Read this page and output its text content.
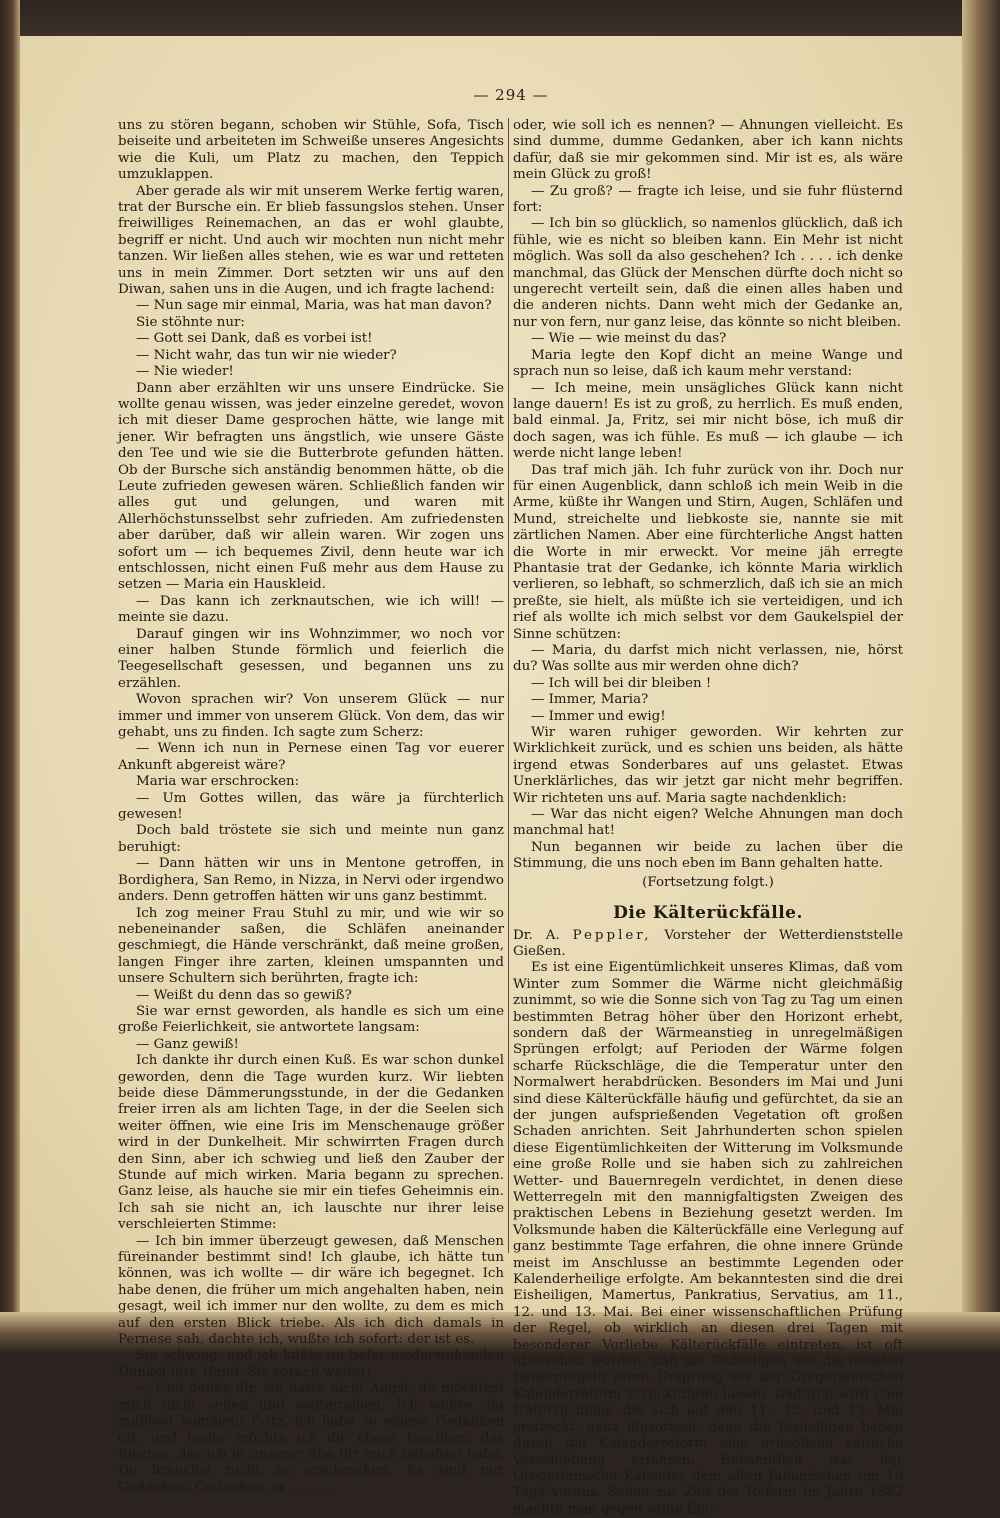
— 294 —

uns zu stören begann, schoben wir Stühle, Sofa, Tisch beiseite und arbeiteten im Schweiße unseres Angesichts wie die Kuli, um Platz zu machen, den Teppich umzuklappen.

Aber gerade als wir mit unserem Werke fertig waren, trat der Bursche ein. Er blieb fassungslos stehen. Unser freiwilliges Reinemachen, an das er wohl glaubte, begriff er nicht. Und auch wir mochten nun nicht mehr tanzen. Wir ließen alles stehen, wie es war und retteten uns in mein Zimmer. Dort setzten wir uns auf den Diwan, sahen uns in die Augen, und ich fragte lachend:

— Nun sage mir einmal, Maria, was hat man davon?

Sie stöhnte nur:

— Gott sei Dank, daß es vorbei ist!

— Nicht wahr, das tun wir nie wieder?

— Nie wieder!

Dann aber erzählten wir uns unsere Eindrücke. Sie wollte genau wissen, was jeder einzelne geredet, wovon ich mit dieser Dame gesprochen hätte, wie lange mit jener. Wir befragten uns ängstlich, wie unsere Gäste den Tee und wie sie die Butterbrote gefunden hätten. Ob der Bursche sich anständig benommen hätte, ob die Leute zufrieden gewesen wären. Schließlich fanden wir alles gut und gelungen, und waren mit Allerhöchstunsselbst sehr zufrieden. Am zufriedensten aber darüber, daß wir allein waren. Wir zogen uns sofort um — ich bequemes Zivil, denn heute war ich entschlossen, nicht einen Fuß mehr aus dem Hause zu setzen — Maria ein Hauskleid.

— Das kann ich zerknautschen, wie ich will! — meinte sie dazu.

Darauf gingen wir ins Wohnzimmer, wo noch vor einer halben Stunde förmlich und feierlich die Teegesellschaft gesessen, und begannen uns zu erzählen.

Wovon sprachen wir? Von unserem Glück — nur immer und immer von unserem Glück. Von dem, das wir gehabt, uns zu finden. Ich sagte zum Scherz:

— Wenn ich nun in Pernese einen Tag vor euerer Ankunft abgereist wäre?

Maria war erschrocken:

— Um Gottes willen, das wäre ja fürchterlich gewesen!

Doch bald tröstete sie sich und meinte nun ganz beruhigt:

— Dann hätten wir uns in Mentone getroffen, in Bordighera, San Remo, in Nizza, in Nervi oder irgendwo anders. Denn getroffen hätten wir uns ganz bestimmt.

Ich zog meiner Frau Stuhl zu mir, und wie wir so nebeneinander saßen, die Schläfen aneinander geschmiegt, die Hände verschränkt, daß meine großen, langen Finger ihre zarten, kleinen umspannten und unsere Schultern sich berührten, fragte ich:

— Weißt du denn das so gewiß?

Sie war ernst geworden, als handle es sich um eine große Feierlichkeit, sie antwortete langsam:

— Ganz gewiß!

Ich dankte ihr durch einen Kuß. Es war schon dunkel geworden, denn die Tage wurden kurz. Wir liebten beide diese Dämmerungsstunde, in der die Gedanken freier irren als am lichten Tage, in der die Seelen sich weiter öffnen, wie eine Iris im Menschenauge größer wird in der Dunkelheit. Mir schwirrten Fragen durch den Sinn, aber ich schwieg und ließ den Zauber der Stunde auf mich wirken. Maria begann zu sprechen. Ganz leise, als hauche sie mir ein tiefes Geheimnis ein. Ich sah sie nicht an, ich lauschte nur ihrer leise verschleierten Stimme:

— Ich bin immer überzeugt gewesen, daß Menschen füreinander bestimmt sind! Ich glaube, ich hätte tun können, was ich wollte — dir wäre ich begegnet. Ich habe denen, die früher um mich angehalten haben, nein gesagt, weil ich immer nur den wollte, zu dem es mich auf den ersten Blick triebe. Als ich dich damals in Pernese sah, dachte ich, wußte ich sofort: der ist es.

Sie schwieg, und ich küßte im tiefer niedersinkenden Dunkel ihre Hand. Sie sprach weiter:

— Und denke dir, ich hatte nicht Angst, du möchtest mich nicht sehen und weitergehen. Ich wußte, du mußtest kommen! Fritz, ich habe so eigene Gedanken oft, und heute möchte ich dir etwas beichten, das Einzige, das ich in unserer Ehe für mich behalten habe. Du brauchst nicht zu erschrecken. Es sind nur Gedanken, Gedanken, ja . . . . . .

oder, wie soll ich es nennen? — Ahnungen vielleicht. Es sind dumme, dumme Gedanken, aber ich kann nichts dafür, daß sie mir gekommen sind. Mir ist es, als wäre mein Glück zu groß!

— Zu groß? — fragte ich leise, und sie fuhr flüsternd fort:

— Ich bin so glücklich, so namenlos glücklich, daß ich fühle, wie es nicht so bleiben kann. Ein Mehr ist nicht möglich. Was soll da also geschehen? Ich . . . . ich denke manchmal, das Glück der Menschen dürfte doch nicht so ungerecht verteilt sein, daß die einen alles haben und die anderen nichts. Dann weht mich der Gedanke an, nur von fern, nur ganz leise, das könnte so nicht bleiben.

— Wie — wie meinst du das?

Maria legte den Kopf dicht an meine Wange und sprach nun so leise, daß ich kaum mehr verstand:

— Ich meine, mein unsägliches Glück kann nicht lange dauern! Es ist zu groß, zu herrlich. Es muß enden, bald einmal. Ja, Fritz, sei mir nicht böse, ich muß dir doch sagen, was ich fühle. Es muß — ich glaube — ich werde nicht lange leben!

Das traf mich jäh. Ich fuhr zurück von ihr. Doch nur für einen Augenblick, dann schloß ich mein Weib in die Arme, küßte ihr Wangen und Stirn, Augen, Schläfen und Mund, streichelte und liebkoste sie, nannte sie mit zärtlichen Namen. Aber eine fürchterliche Angst hatten die Worte in mir erweckt. Vor meine jäh erregte Phantasie trat der Gedanke, ich könnte Maria wirklich verlieren, so lebhaft, so schmerzlich, daß ich sie an mich preßte, sie hielt, als müßte ich sie verteidigen, und ich rief als wollte ich mich selbst vor dem Gaukelspiel der Sinne schützen:

— Maria, du darfst mich nicht verlassen, nie, hörst du? Was sollte aus mir werden ohne dich?

— Ich will bei dir bleiben !

— Immer, Maria?

— Immer und ewig!

Wir waren ruhiger geworden. Wir kehrten zur Wirklichkeit zurück, und es schien uns beiden, als hätte irgend etwas Sonderbares auf uns gelastet. Etwas Unerklärliches, das wir jetzt gar nicht mehr begriffen. Wir richteten uns auf. Maria sagte nachdenklich:

— War das nicht eigen? Welche Ahnungen man doch manchmal hat!

Nun begannen wir beide zu lachen über die Stimmung, die uns noch eben im Bann gehalten hatte.

(Fortsetzung folgt.)

Die Kälterückfälle.

Dr. A. Peppler, Vorsteher der Wetterdienststelle Gießen.

Es ist eine Eigentümlichkeit unseres Klimas, daß vom Winter zum Sommer die Wärme nicht gleichmäßig zunimmt, so wie die Sonne sich von Tag zu Tag um einen bestimmten Betrag höher über den Horizont erhebt, sondern daß der Wärmeanstieg in unregelmäßigen Sprüngen erfolgt; auf Perioden der Wärme folgen scharfe Rückschläge, die die Temperatur unter den Normalwert herabdrücken. Besonders im Mai und Juni sind diese Kälterückfälle häufig und gefürchtet, da sie an der jungen aufsprießenden Vegetation oft großen Schaden anrichten. Seit Jahrhunderten schon spielen diese Eigentümlichkeiten der Witterung im Volksmunde eine große Rolle und sie haben sich zu zahlreichen Wetter- und Bauernregeln verdichtet, in denen diese Wetterregeln mit den mannigfaltigsten Zweigen des praktischen Lebens in Beziehung gesetzt werden. Im Volksmunde haben die Kälterückfälle eine Verlegung auf ganz bestimmte Tage erfahren, die ohne innere Gründe meist im Anschlusse an bestimmte Legenden oder Kalenderheilige erfolgte. Am bekanntesten sind die drei Eisheiligen, Mamertus, Pankratius, Servatius, am 11., 12. und 13. Mai. Bei einer wissenschaftlichen Prüfung der Regel, ob wirklich an diesen drei Tagen mit besonderer Vorliebe Kälterückfälle eintreten, ist oft übersehen worden, daß die Eisheiligen wie die meisten Bauernregeln ihren Ursprung vor der Gregorianischen Kalenderreform zurückführen lassen. Dadurch wird eine Untersuchung, die sich auf den 11., 12. und 13. Mai erstreckt, ganz illusorisch, denn die Eisheiligen haben durch die Kalenderreform eine erhebliche zeitliche Verschiebung erfahren. Bekanntlich war der Gregorianische Kalender dem alten Julianischen um 10 Tage voraus. Schon zur Zeit der Reform im Jahre 1582 machte man gegen seine Ein-
